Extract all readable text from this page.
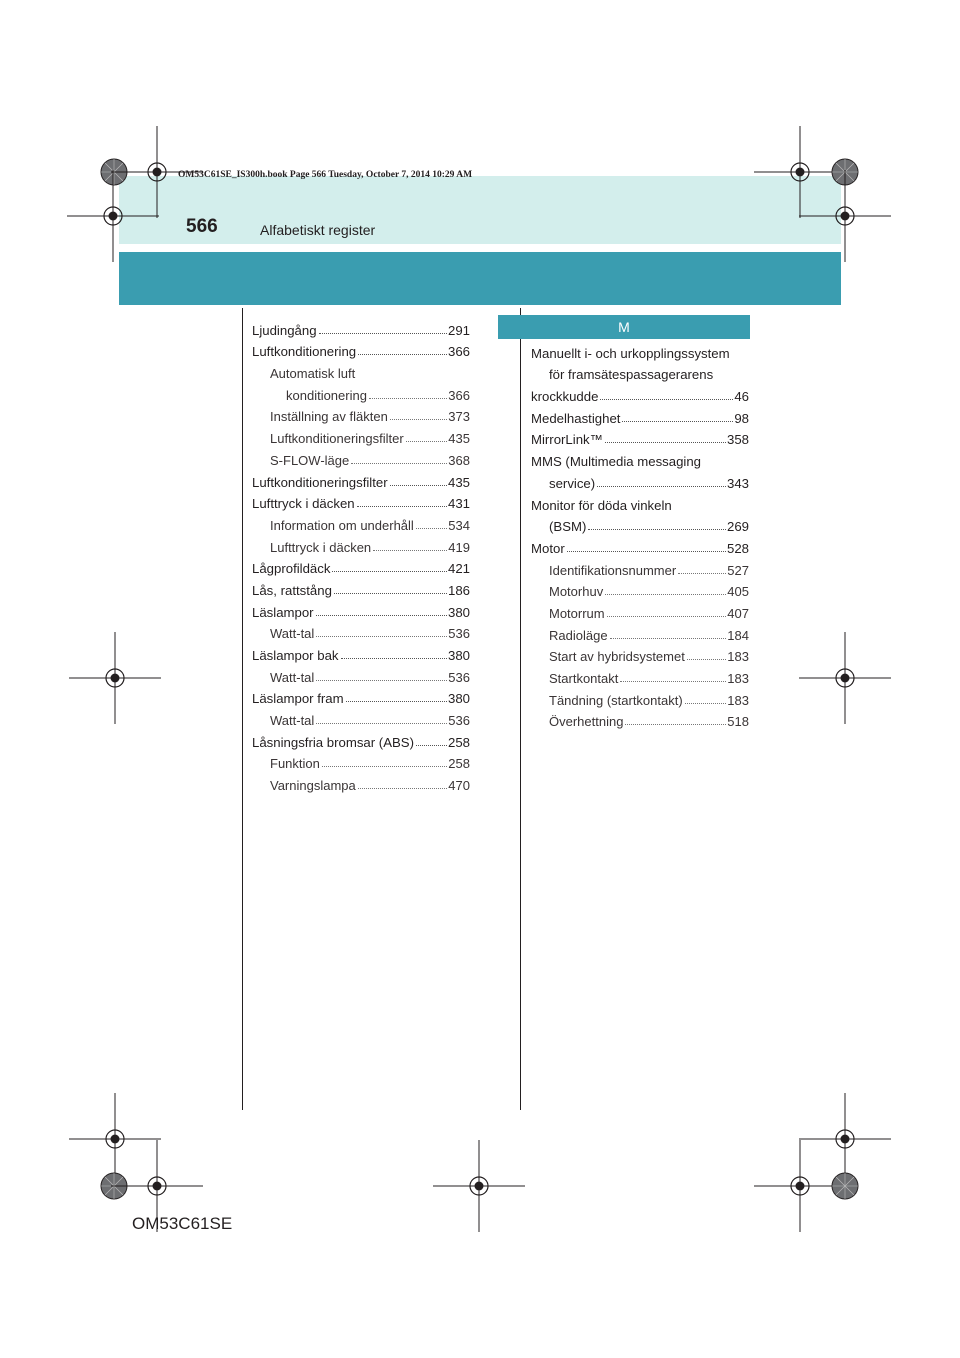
OM53C61SE_IS300h.book Page 566 Tuesday, October 7, 2014 10:29 AM
566	Alfabetiskt register
Ljudingång	291
Luftkonditionering	366
Automatisk luft
konditionering	366
Inställning av fläkten	373
Luftkonditioneringsfilter	435
S-FLOW-läge	368
Luftkonditioneringsfilter	435
Lufttryck i däcken	431
Information om underhåll	534
Lufttryck i däcken	419
Lågprofildäck	421
Lås, rattstång	186
Läslampor	380
Watt-tal	536
Läslampor bak	380
Watt-tal	536
Läslampor fram	380
Watt-tal	536
Låsningsfria bromsar (ABS)	258
Funktion	258
Varningslampa	470
M
Manuellt i- och urkopplingssystem
för framsätespassagerarens
krockkudde	46
Medelhastighet	98
MirrorLink™	358
MMS (Multimedia messaging
service)	343
Monitor för döda vinkeln
(BSM)	269
Motor	528
Identifikationsnummer	527
Motorhuv	405
Motorrum	407
Radioläge	184
Start av hybridsystemet	183
Startkontakt	183
Tändning (startkontakt)	183
Överhettning	518
OM53C61SE
